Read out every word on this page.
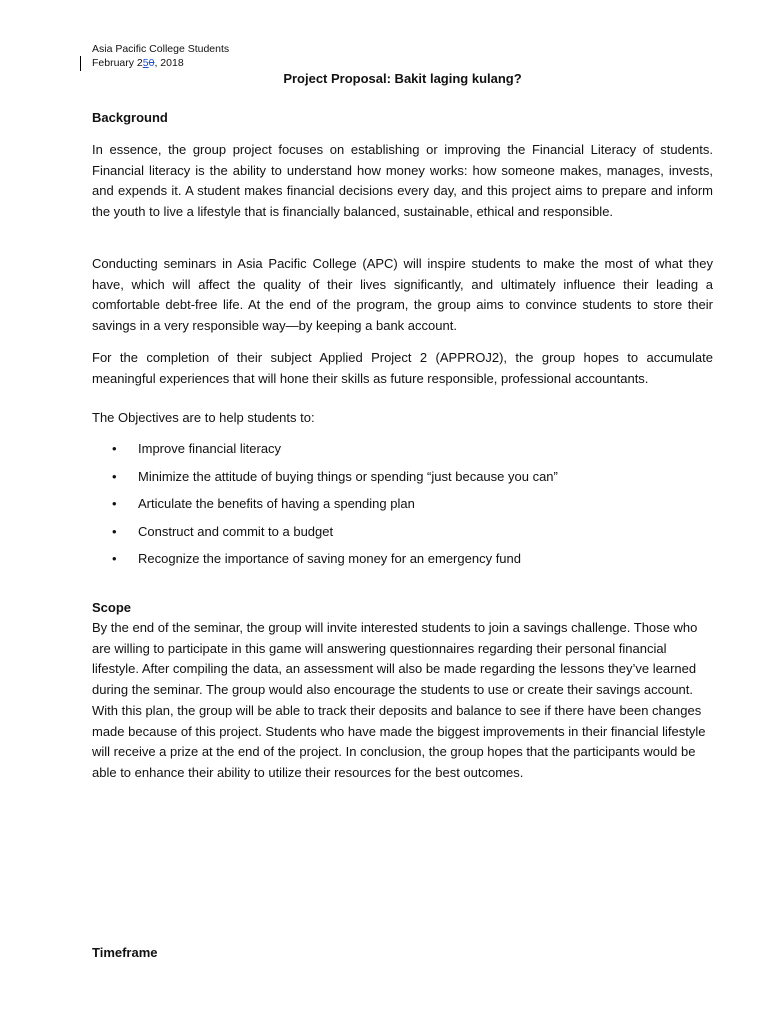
Asia Pacific College Students
February 250, 2018
Project Proposal: Bakit laging kulang?
Background

In essence, the group project focuses on establishing or improving the Financial Literacy of students. Financial literacy is the ability to understand how money works: how someone makes, manages, invests, and expends it. A student makes financial decisions every day, and this project aims to prepare and inform the youth to live a lifestyle that is financially balanced, sustainable, ethical and responsible.

Conducting seminars in Asia Pacific College (APC) will inspire students to make the most of what they have, which will affect the quality of their lives significantly, and ultimately influence their leading a comfortable debt-free life. At the end of the program, the group aims to convince students to store their savings in a very responsible way—by keeping a bank account.

For the completion of their subject Applied Project 2 (APPROJ2), the group hopes to accumulate meaningful experiences that will hone their skills as future responsible, professional accountants.

The Objectives are to help students to:
• Improve financial literacy
• Minimize the attitude of buying things or spending “just because you can”
• Articulate the benefits of having a spending plan
• Construct and commit to a budget
• Recognize the importance of saving money for an emergency fund
Scope

By the end of the seminar, the group will invite interested students to join a savings challenge. Those who are willing to participate in this game will answering questionnaires regarding their personal financial lifestyle. After compiling the data, an assessment will also be made regarding the lessons they’ve learned during the seminar. The group would also encourage the students to use or create their savings account. With this plan, the group will be able to track their deposits and balance to see if there have been changes made because of this project. Students who have made the biggest improvements in their financial lifestyle will receive a prize at the end of the project. In conclusion, the group hopes that the participants would be able to enhance their ability to utilize their resources for the best outcomes.

Timeframe
